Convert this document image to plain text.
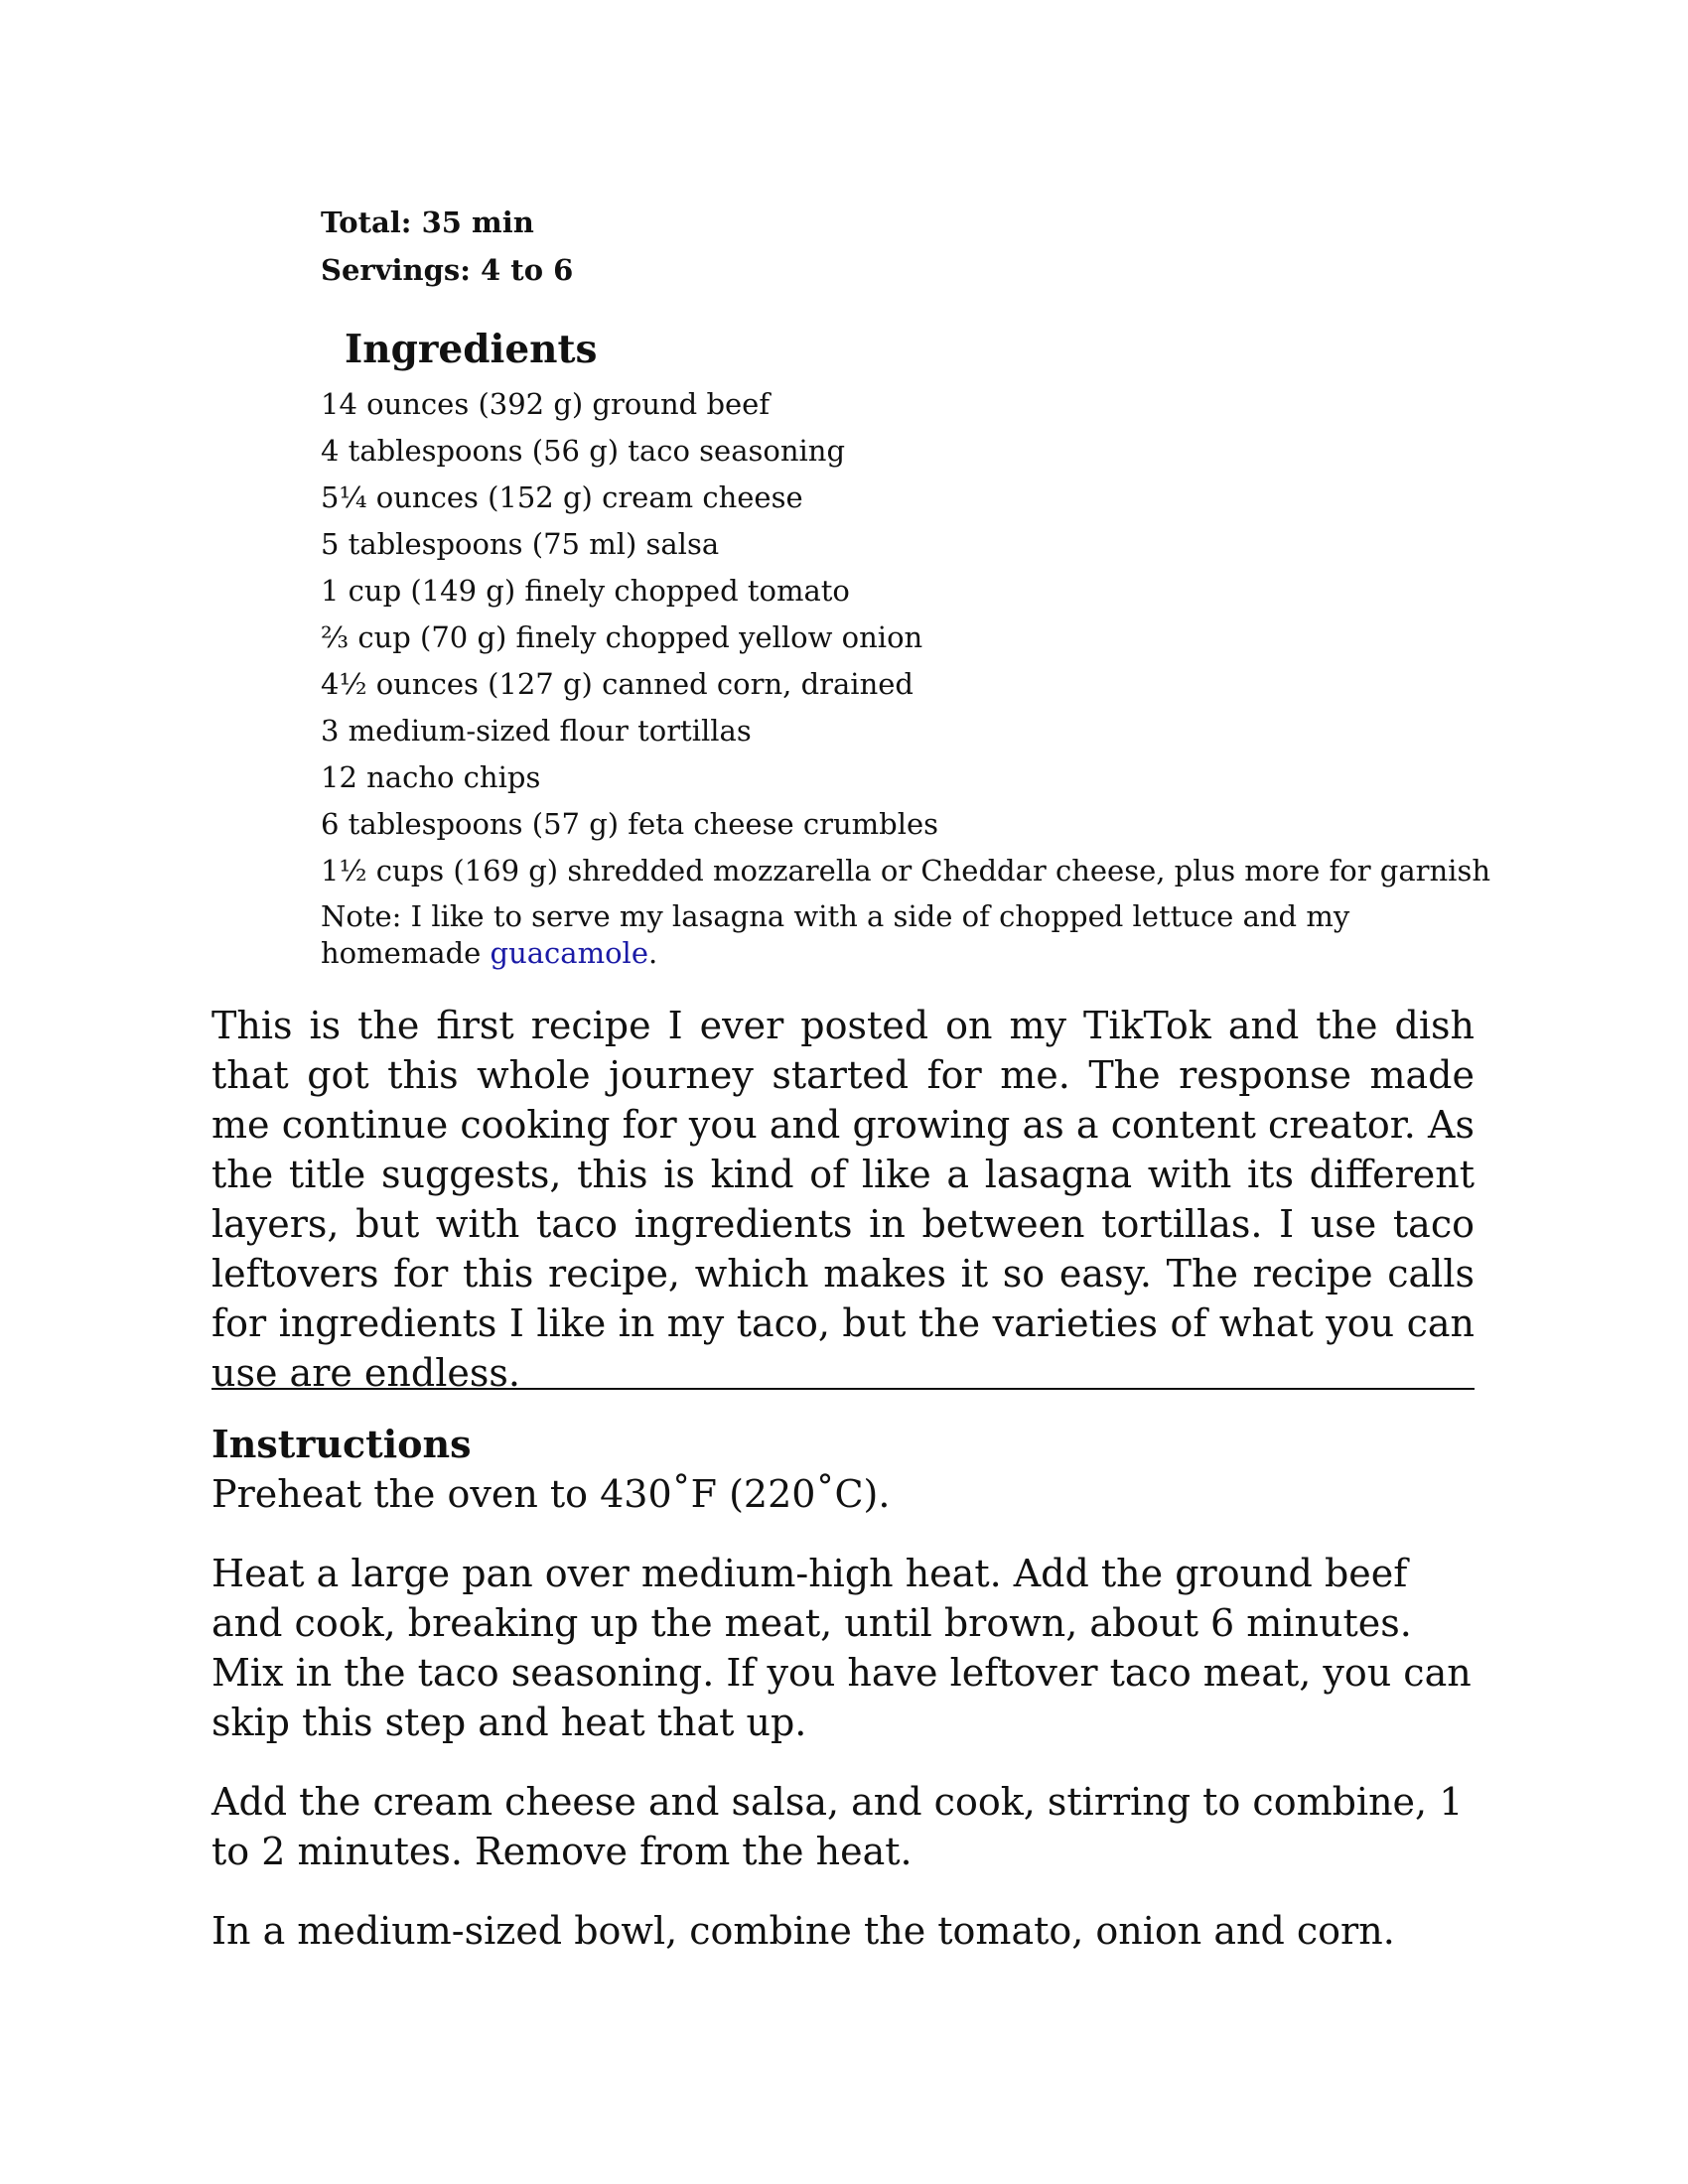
Total: 35 min

Servings: 4 to 6

Ingredients
14 ounces (392 g) ground beef
4 tablespoons (56 g) taco seasoning
5¼ ounces (152 g) cream cheese
5 tablespoons (75 ml) salsa
1 cup (149 g) finely chopped tomato
⅔ cup (70 g) finely chopped yellow onion
4½ ounces (127 g) canned corn, drained
3 medium-sized flour tortillas
12 nacho chips
6 tablespoons (57 g) feta cheese crumbles
1½ cups (169 g) shredded mozzarella or Cheddar cheese, plus more for garnish

Note: I like to serve my lasagna with a side of chopped lettuce and my homemade guacamole.

This is the first recipe I ever posted on my TikTok and the dish that got this whole journey started for me. The response made me continue cooking for you and growing as a content creator. As the title suggests, this is kind of like a lasagna with its different layers, but with taco ingredients in between tortillas. I use taco leftovers for this recipe, which makes it so easy. The recipe calls for ingredients I like in my taco, but the varieties of what you can use are endless.

Instructions

Preheat the oven to 430˚F (220˚C).

Heat a large pan over medium-high heat. Add the ground beef and cook, breaking up the meat, until brown, about 6 minutes. Mix in the taco seasoning. If you have leftover taco meat, you can skip this step and heat that up.

Add the cream cheese and salsa, and cook, stirring to combine, 1 to 2 minutes. Remove from the heat.

In a medium-sized bowl, combine the tomato, onion and corn.
